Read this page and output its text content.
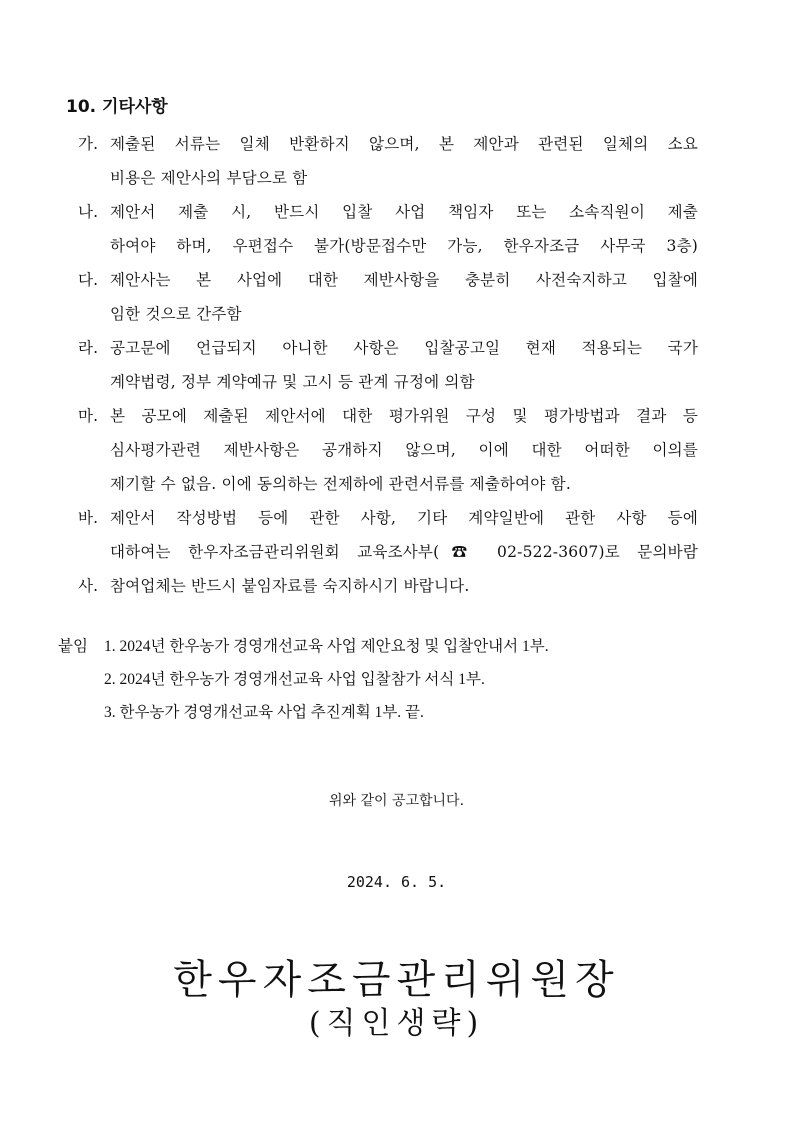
10. 기타사항
가. 제출된 서류는 일체 반환하지 않으며, 본 제안과 관련된 일체의 소요
비용은 제안사의 부담으로 함
나. 제안서 제출 시, 반드시 입찰 사업 책임자 또는 소속직원이 제출
하여야 하며, 우편접수 불가(방문접수만 가능, 한우자조금 사무국 3층)
다. 제안사는 본 사업에 대한 제반사항을 충분히 사전숙지하고 입찰에
임한 것으로 간주함
라. 공고문에 언급되지 아니한 사항은 입찰공고일 현재 적용되는 국가
계약법령, 정부 계약예규 및 고시 등 관계 규정에 의함
마. 본 공모에 제출된 제안서에 대한 평가위원 구성 및 평가방법과 결과 등
심사평가관련 제반사항은 공개하지 않으며, 이에 대한 어떠한 이의를
제기할 수 없음. 이에 동의하는 전제하에 관련서류를 제출하여야 함.
바. 제안서 작성방법 등에 관한 사항, 기타 계약일반에 관한 사항 등에
대하여는 한우자조금관리위원회 교육조사부(☎ 02-522-3607)로 문의바람
사. 참여업체는 반드시 붙임자료를 숙지하시기 바랍니다.
붙임 1. 2024년 한우농가 경영개선교육 사업 제안요청 및 입찰안내서 1부.
2. 2024년 한우농가 경영개선교육 사업 입찰참가 서식 1부.
3. 한우농가 경영개선교육 사업 추진계획 1부. 끝.
위와 같이 공고합니다.
2024. 6. 5.
한우자조금관리위원장
(직인생략)
